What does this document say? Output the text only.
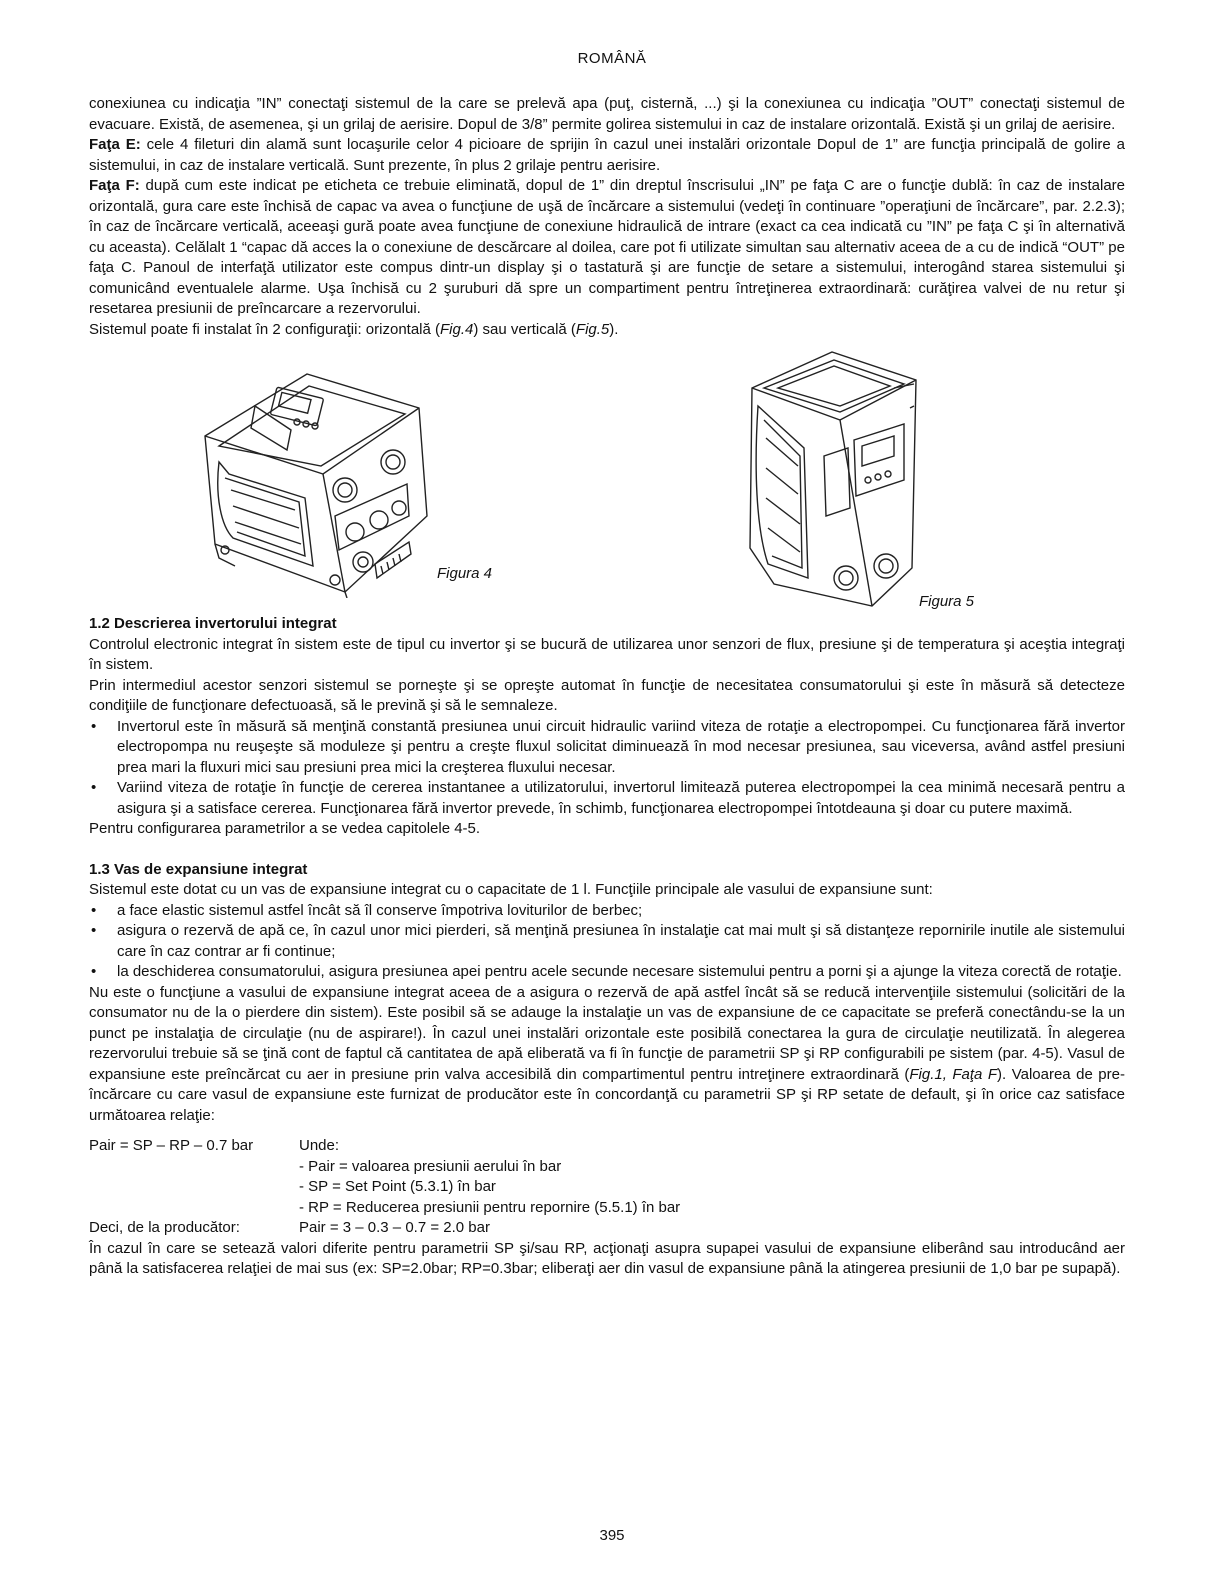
ROMÂNĂ

conexiunea cu indicaţia ”IN” conectaţi sistemul de la care se prelevă apa (puţ, cisternă, ...) şi la conexiunea cu indicaţia ”OUT” conectaţi sistemul de evacuare. Există, de asemenea, şi un grilaj de aerisire. Dopul de 3/8” permite golirea sistemului in caz de instalare orizontală. Există şi un grilaj de aerisire.

Faţa E: cele 4 fileturi din alamă sunt locaşurile celor 4 picioare de sprijin în cazul unei instalări orizontale Dopul de 1” are funcţia principală de golire a sistemului, in caz de instalare verticală. Sunt prezente, în plus 2 grilaje pentru aerisire.

Faţa F: după cum este indicat pe eticheta ce trebuie eliminată, dopul de 1” din dreptul înscrisului „IN” pe faţa C are o funcţie dublă: în caz de instalare orizontală, gura care este închisă de capac va avea o funcţiune de uşă de încărcare a sistemului (vedeţi în continuare ”operaţiuni de încărcare”, par. 2.2.3); în caz de încărcare verticală, aceeaşi gură poate avea funcţiune de conexiune hidraulică de intrare (exact ca cea indicată cu ”IN” pe faţa C şi în alternativă cu aceasta). Celălalt 1 “capac dă acces la o conexiune de descărcare al doilea, care pot fi utilizate simultan sau alternativ aceea de a cu de indică “OUT” pe faţa C. Panoul de interfaţă utilizator este compus dintr-un display şi o tastatură şi are funcţie de setare a sistemului, interogând starea sistemului şi comunicând eventualele alarme. Uşa închisă cu 2 şuruburi dă spre un compartiment pentru întreţinerea extraordinară: curăţirea valvei de nu retur şi resetarea presiunii de preîncarcare a rezervorului.

Sistemul poate fi instalat în 2 configuraţii: orizontală (Fig.4) sau verticală (Fig.5).

Figura 4
Figura 5
1.2 Descrierea invertorului integrat

Controlul electronic integrat în sistem este de tipul cu invertor şi se bucură de utilizarea unor senzori de flux, presiune şi de temperatura şi aceştia integraţi în sistem.

Prin intermediul acestor senzori sistemul se porneşte şi se opreşte automat în funcţie de necesitatea consumatorului şi este în măsură să detecteze condiţiile de funcţionare defectuoasă, să le prevină şi să le semnaleze.

• Invertorul este în măsură să menţină constantă presiunea unui circuit hidraulic variind viteza de rotaţie a electropompei. Cu funcţionarea fără invertor electropompa nu reuşeşte să moduleze şi pentru a creşte fluxul solicitat diminuează în mod necesar presiunea, sau viceversa, având astfel presiuni prea mari la fluxuri mici sau presiuni prea mici la creşterea fluxului necesar.
• Variind viteza de rotaţie în funcţie de cererea instantanee a utilizatorului, invertorul limitează puterea electropompei la cea minimă necesară pentru a asigura şi a satisface cererea. Funcţionarea fără invertor prevede, în schimb, funcţionarea electropompei întotdeauna şi doar cu putere maximă.

Pentru configurarea parametrilor a se vedea capitolele 4-5.

1.3 Vas de expansiune integrat

Sistemul este dotat cu un vas de expansiune integrat cu o capacitate de 1 l. Funcţiile principale ale vasului de expansiune sunt:

• a face elastic sistemul astfel încât să îl conserve împotriva loviturilor de berbec;
• asigura o rezervă de apă ce, în cazul unor mici pierderi, să menţină presiunea în instalaţie cat mai mult şi să distanţeze repornirile inutile ale sistemului care în caz contrar ar fi continue;
• la deschiderea consumatorului, asigura presiunea apei pentru acele secunde necesare sistemului pentru a porni şi a ajunge la viteza corectă de rotaţie.

Nu este o funcţiune a vasului de expansiune integrat aceea de a asigura o rezervă de apă astfel încât să se reducă intervenţiile sistemului (solicitări de la consumator nu de la o pierdere din sistem). Este posibil să se adauge la instalaţie un vas de expansiune de ce capacitate se preferă conectându-se la un punct pe instalaţia de circulaţie (nu de aspirare!). În cazul unei instalări orizontale este posibilă conectarea la gura de circulaţie neutilizată. În alegerea rezervorului trebuie să se ţină cont de faptul că cantitatea de apă eliberată va fi în funcţie de parametrii SP şi RP configurabili pe sistem (par. 4-5). Vasul de expansiune este preîncărcat cu aer in presiune prin valva accesibilă din compartimentul pentru intreţinere extraordinară (Fig.1, Faţa F). Valoarea de pre-încărcare cu care vasul de expansiune este furnizat de producător este în concordanţă cu parametrii SP şi RP setate de default, şi în orice caz satisface următoarea relaţie:

Pair = SP – RP – 0.7 bar	Unde:
- Pair = valoarea presiunii aerului în bar
- SP = Set Point (5.3.1) în bar
- RP = Reducerea presiunii pentru repornire (5.5.1) în bar
Deci, de la producător:	Pair = 3 – 0.3 – 0.7 = 2.0 bar

În cazul în care se setează valori diferite pentru parametrii SP şi/sau RP, acţionaţi asupra supapei vasului de expansiune eliberând sau introducând aer până la satisfacerea relaţiei de mai sus (ex: SP=2.0bar; RP=0.3bar; eliberaţi aer din vasul de expansiune până la atingerea presiunii de 1,0 bar pe supapă).

395
